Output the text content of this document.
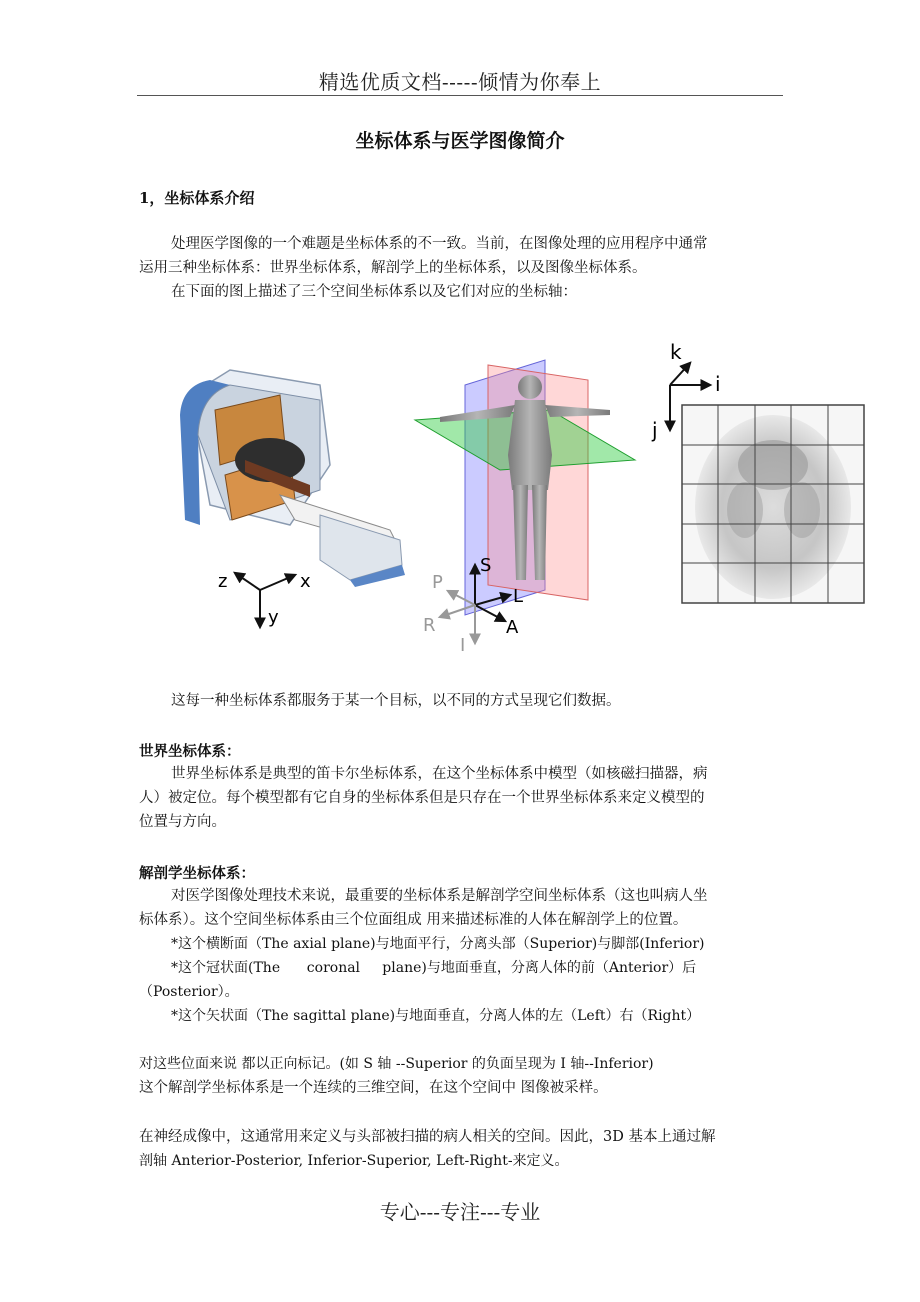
精选优质文档-----倾情为你奉上
坐标体系与医学图像简介
1，坐标体系介绍
处理医学图像的一个难题是坐标体系的不一致。当前，在图像处理的应用程序中通常
运用三种坐标体系：世界坐标体系，解剖学上的坐标体系，以及图像坐标体系。
在下面的图上描述了三个空间坐标体系以及它们对应的坐标轴：
x
z
y
S
L
A
I
R
P
i
k
j
这每一种坐标体系都服务于某一个目标，以不同的方式呈现它们数据。
世界坐标体系：
世界坐标体系是典型的笛卡尔坐标体系，在这个坐标体系中模型（如核磁扫描器，病
人）被定位。每个模型都有它自身的坐标体系但是只存在一个世界坐标体系来定义模型的
位置与方向。
解剖学坐标体系：
对医学图像处理技术来说，最重要的坐标体系是解剖学空间坐标体系（这也叫病人坐
标体系）。这个空间坐标体系由三个位面组成 用来描述标准的人体在解剖学上的位置。
*这个横断面（The axial plane)与地面平行，分离头部（Superior)与脚部(Inferior)
*这个冠状面(The      coronal     plane)与地面垂直，分离人体的前（Anterior）后
（Posterior）。
*这个矢状面（The sagittal plane)与地面垂直，分离人体的左（Left）右（Right）
对这些位面来说 都以正向标记。(如 S 轴 --Superior 的负面呈现为 I 轴--Inferior)
这个解剖学坐标体系是一个连续的三维空间，在这个空间中 图像被采样。
在神经成像中，这通常用来定义与头部被扫描的病人相关的空间。因此，3D 基本上通过解
剖轴 Anterior-Posterior, Inferior-Superior, Left-Right-来定义。
专心---专注---专业
